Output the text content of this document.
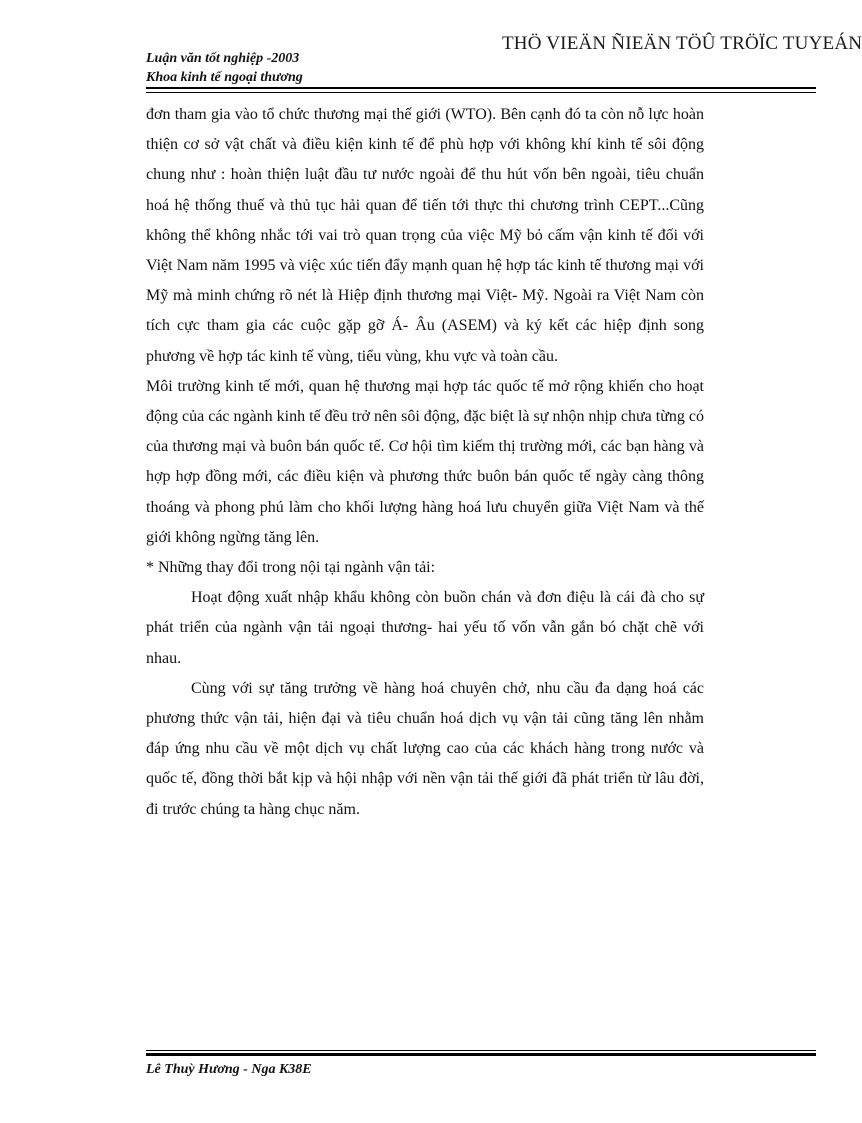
THÖ VIEÄN ÑIEÄN TÖÛ TRÖÏC TUYEÁN
Luận văn tốt nghiệp -2003
Khoa kinh tế ngoại thương

đơn tham gia vào tổ chức thương mại thế giới (WTO). Bên cạnh đó ta còn nỗ lực hoàn thiện cơ sở vật chất và điều kiện kinh tế để phù hợp với không khí kinh tế sôi động chung như : hoàn thiện luật đầu tư nước ngoài để thu hút vốn bên ngoài, tiêu chuẩn hoá hệ thống thuế và thủ tục hải quan để tiến tới thực thi chương trình CEPT...Cũng không thể không nhắc tới vai trò quan trọng của việc Mỹ bỏ cấm vận kinh tế đối với Việt Nam năm 1995 và việc xúc tiến đẩy mạnh quan hệ hợp tác kinh tế thương mại với Mỹ mà minh chứng rõ nét là Hiệp định thương mại Việt- Mỹ. Ngoài ra Việt Nam còn tích cực tham gia các cuộc gặp gỡ Á- Âu (ASEM) và ký kết các hiệp định song phương về hợp tác kinh tế vùng, tiểu vùng, khu vực và toàn cầu.

Môi trường kinh tế mới, quan hệ thương mại hợp tác quốc tế mở rộng khiến cho hoạt động của các ngành kinh tế đều trở nên sôi động, đặc biệt là sự nhộn nhịp chưa từng có của thương mại và buôn bán quốc tế. Cơ hội tìm kiếm thị trường mới, các bạn hàng và hợp hợp đồng mới, các điều kiện và phương thức buôn bán quốc tế ngày càng thông thoáng và phong phú làm cho khối lượng hàng hoá lưu chuyển giữa Việt Nam và thế giới không ngừng tăng lên.

* Những thay đổi trong nội tại ngành vận tải:

Hoạt động xuất nhập khẩu không còn buồn chán và đơn điệu là cái đà cho sự phát triển của ngành vận tải ngoại thương- hai yếu tố vốn vẫn gắn bó chặt chẽ với nhau.

Cùng với sự tăng trưởng về hàng hoá chuyên chở, nhu cầu đa dạng hoá các phương thức vận tải, hiện đại và tiêu chuẩn hoá dịch vụ vận tải cũng tăng lên nhằm đáp ứng nhu cầu về một dịch vụ chất lượng cao của các khách hàng trong nước và quốc tế, đồng thời bắt kịp và hội nhập với nền vận tải thế giới đã phát triển từ lâu đời, đi trước chúng ta hàng chục năm.

Lê Thuỳ Hương - Nga K38E
